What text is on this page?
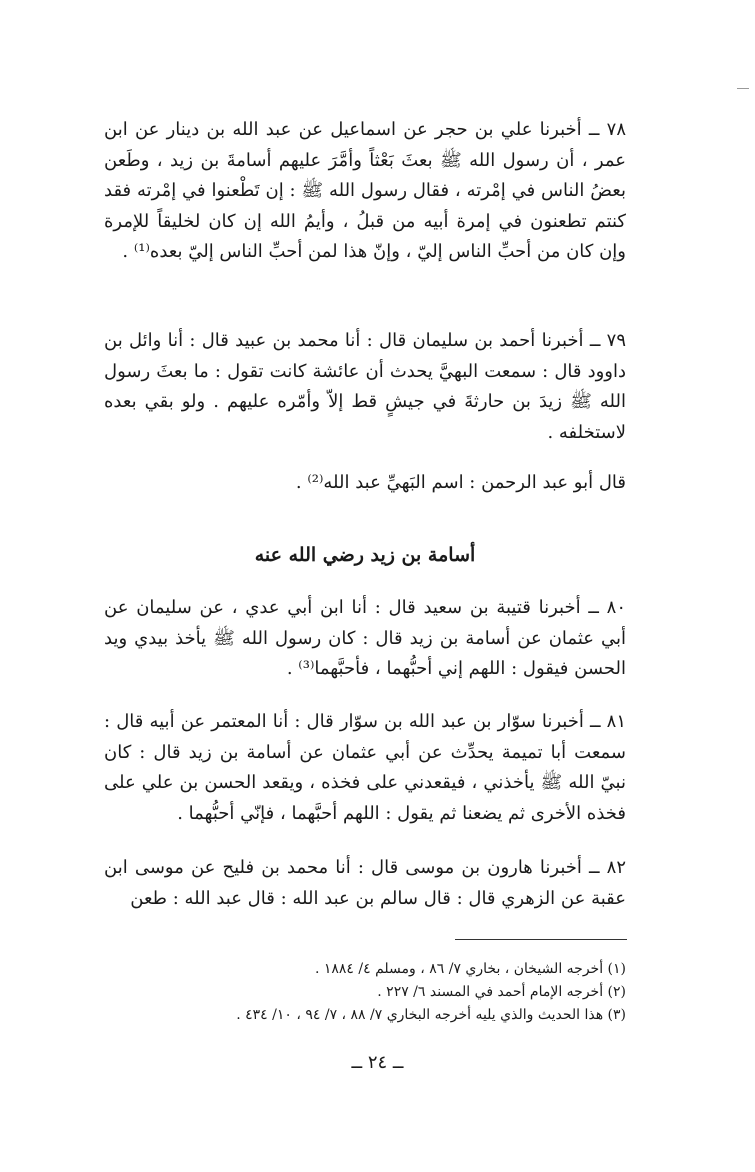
٧٨ ــ أخبرنا علي بن حجر عن اسماعيل عن عبد الله بن دينار عن ابن عمر ، أن رسول الله ﷺ بعثَ بَعْثاً وأمَّرَ عليهم أسامةَ بن زيد ، وطَعن بعضُ الناس في إمْرته ، فقال رسول الله ﷺ : إن تَطْعنوا في إمْرته فقد كنتم تطعنون في إمرة أبيه من قبلُ ، وأيمُ الله إن كان لخليقاً للإمرة وإن كان من أحبِّ الناس إليّ ، وإنّ هذا لمن أحبِّ الناس إليّ بعده⁽¹⁾ .

٧٩ ــ أخبرنا أحمد بن سليمان قال : أنا محمد بن عبيد قال : أنا وائل بن داوود قال : سمعت البهيَّ يحدث أن عائشة كانت تقول : ما بعثَ رسول الله ﷺ زيدَ بن حارثةَ في جيشٍ قط إلاّ وأمّره عليهم . ولو بقي بعده لاستخلفه .

قال أبو عبد الرحمن : اسم البَهيِّ عبد الله⁽²⁾ .

أسامة بن زيد رضي الله عنه

٨٠ ــ أخبرنا قتيبة بن سعيد قال : أنا ابن أبي عدي ، عن سليمان عن أبي عثمان عن أسامة بن زيد قال : كان رسول الله ﷺ يأخذ بيدي ويد الحسن فيقول : اللهم إني أحبُّهما ، فأحبَّهما⁽³⁾ .

٨١ ــ أخبرنا سوّار بن عبد الله بن سوّار قال : أنا المعتمر عن أبيه قال : سمعت أبا تميمة يحدِّث عن أبي عثمان عن أسامة بن زيد قال : كان نبيّ الله ﷺ يأخذني ، فيقعدني على فخذه ، ويقعد الحسن بن علي على فخذه الأخرى ثم يضعنا ثم يقول : اللهم أحبَّهما ، فإنّي أحبُّهما .

٨٢ ــ أخبرنا هارون بن موسى قال : أنا محمد بن فليح عن موسى ابن عقبة عن الزهري قال : قال سالم بن عبد الله : قال عبد الله : طعن

(١) أخرجه الشيخان ، بخاري ٧/ ٨٦ ، ومسلم ٤/ ١٨٨٤ .

(٢) أخرجه الإمام أحمد في المسند ٦/ ٢٢٧ .

(٣) هذا الحديث والذي يليه أخرجه البخاري ٧/ ٨٨ ، ٧/ ٩٤ ، ١٠/ ٤٣٤ .

ــ ٢٤ ــ
